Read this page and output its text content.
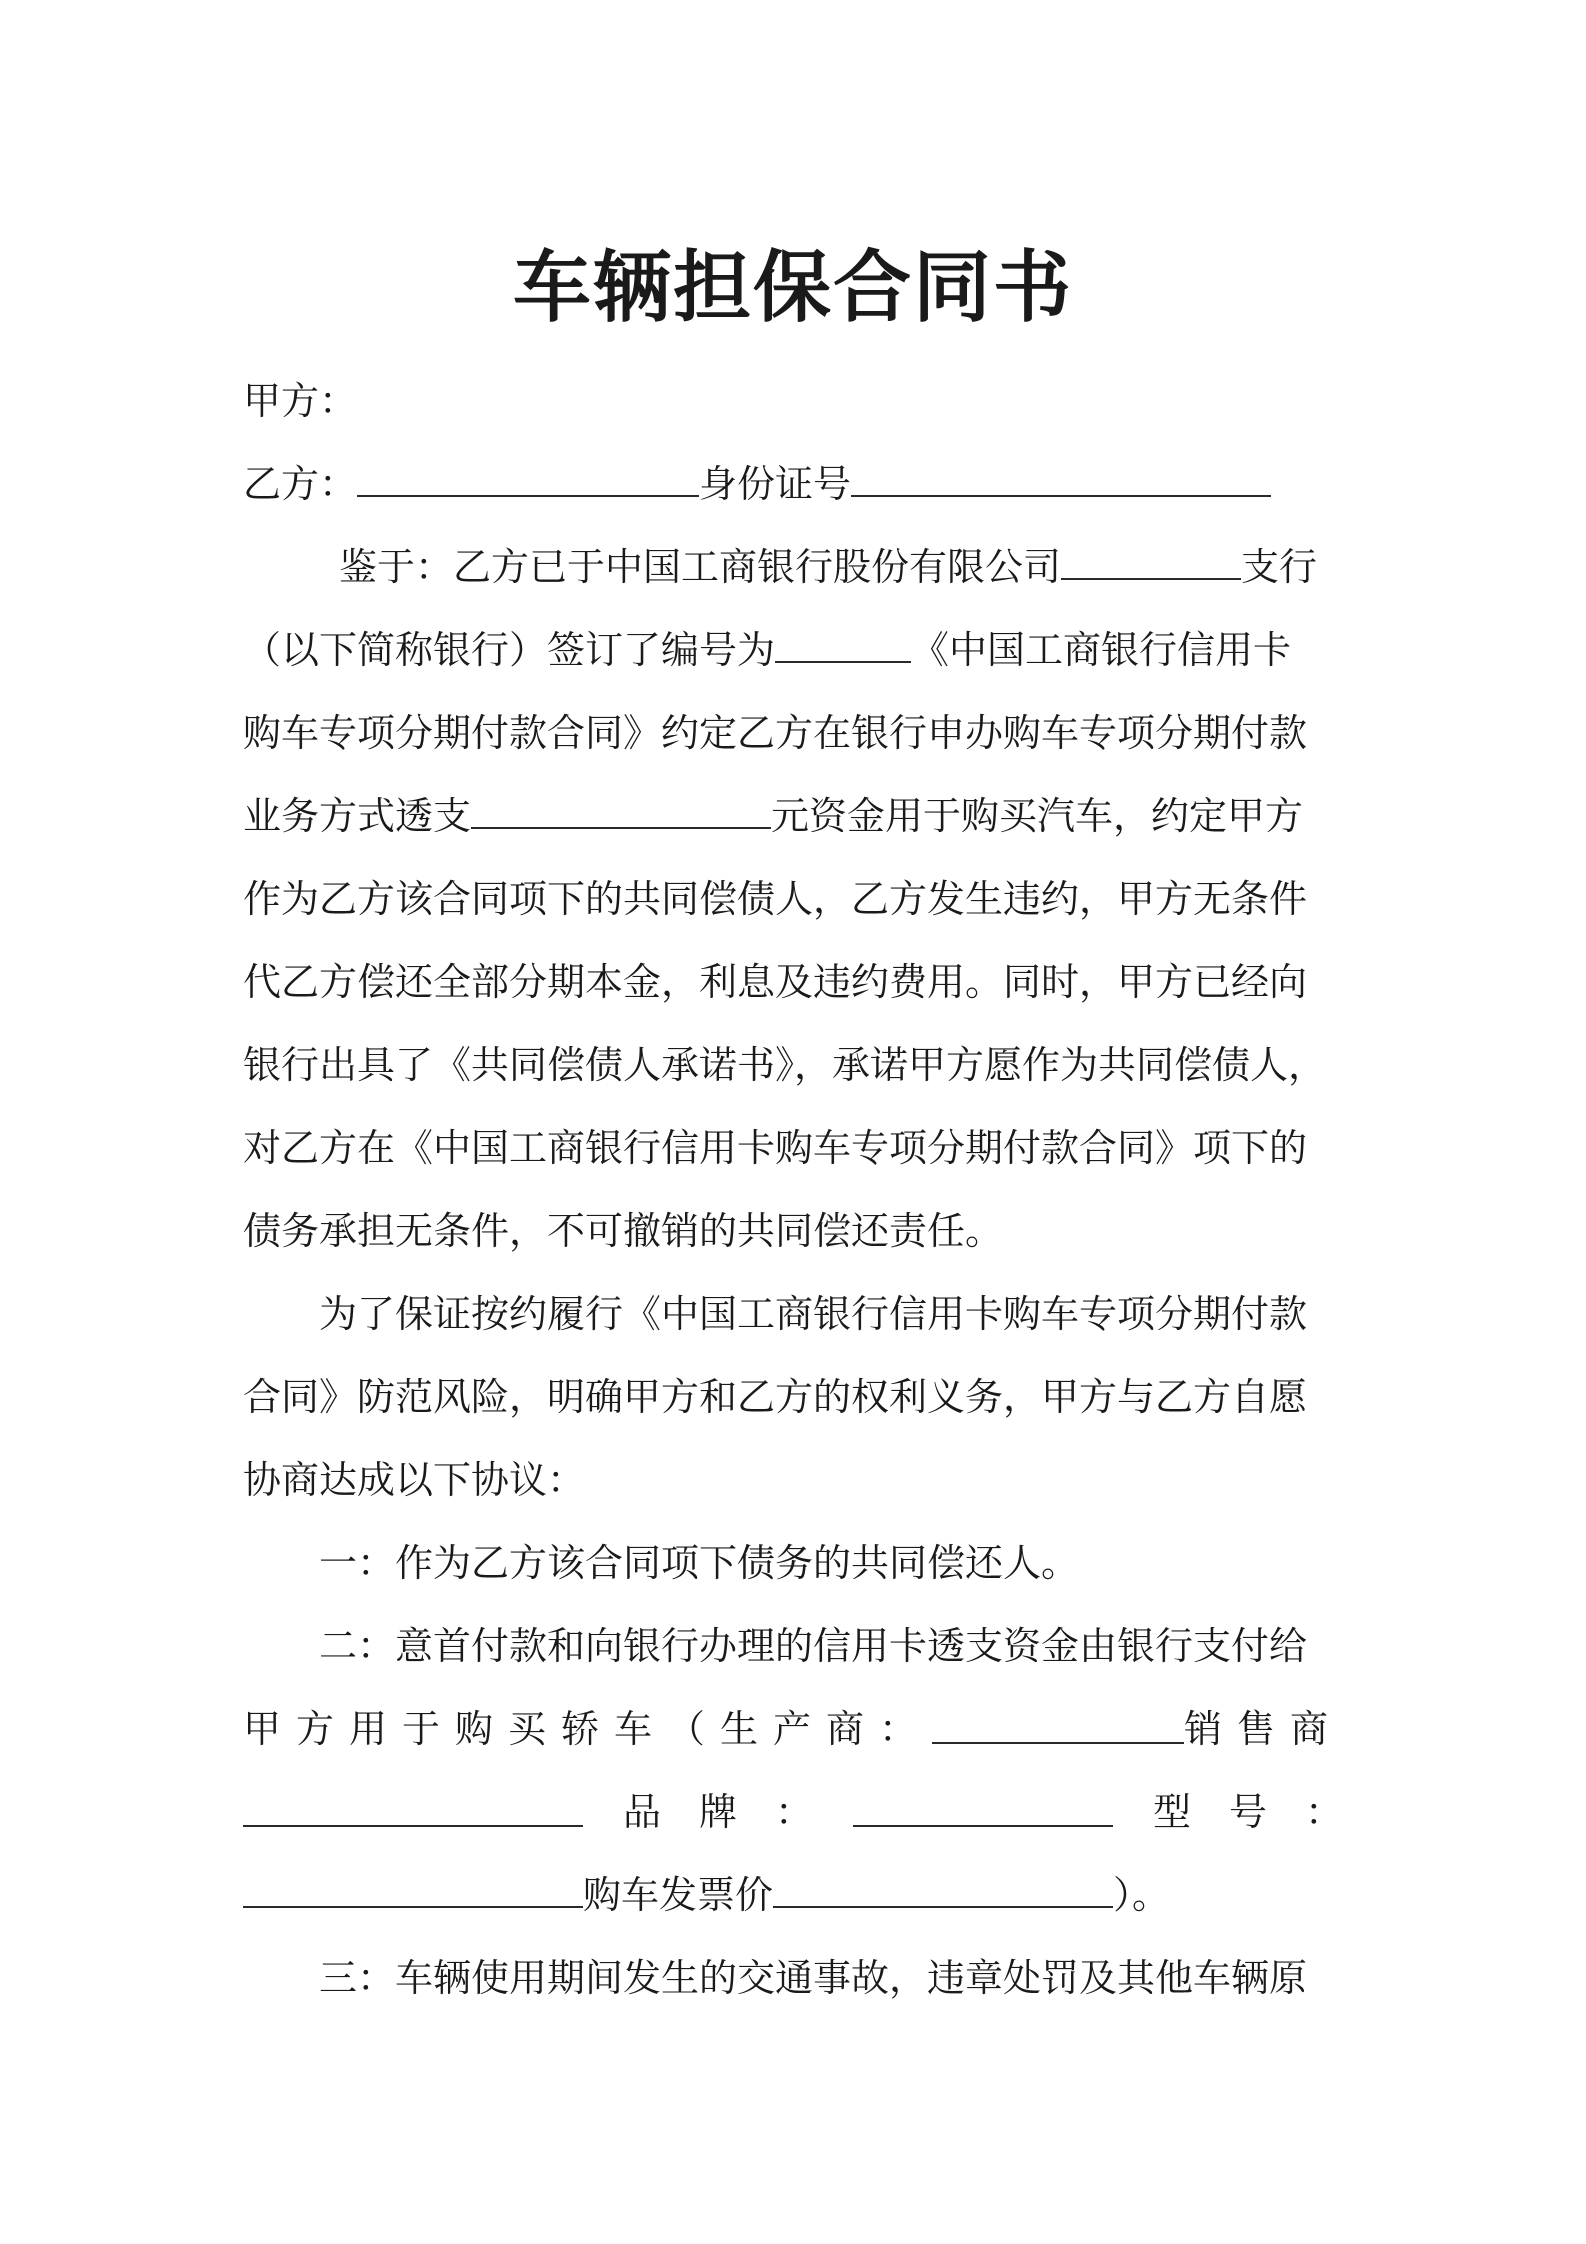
车辆担保合同书
甲方：
乙方：	身份证号
鉴于：乙方已于中国工商银行股份有限公司	支行
（以下简称银行）签订了编号为	《中国工商银行信用卡
购车专项分期付款合同》约定乙方在银行申办购车专项分期付款
业务方式透支	元资金用于购买汽车，约定甲方
作为乙方该合同项下的共同偿债人，乙方发生违约，甲方无条件
代乙方偿还全部分期本金，利息及违约费用。同时，甲方已经向
银行出具了《共同偿债人承诺书》，承诺甲方愿作为共同偿债人，
对乙方在《中国工商银行信用卡购车专项分期付款合同》项下的
债务承担无条件，不可撤销的共同偿还责任。
为了保证按约履行《中国工商银行信用卡购车专项分期付款
合同》防范风险，明确甲方和乙方的权利义务，甲方与乙方自愿
协商达成以下协议：
一：作为乙方该合同项下债务的共同偿还人。
二：意首付款和向银行办理的信用卡透支资金由银行支付给
甲方用于购买轿车（生产商：	销售商
品　牌　：	型　号　：
购车发票价	）。
三：车辆使用期间发生的交通事故，违章处罚及其他车辆原
